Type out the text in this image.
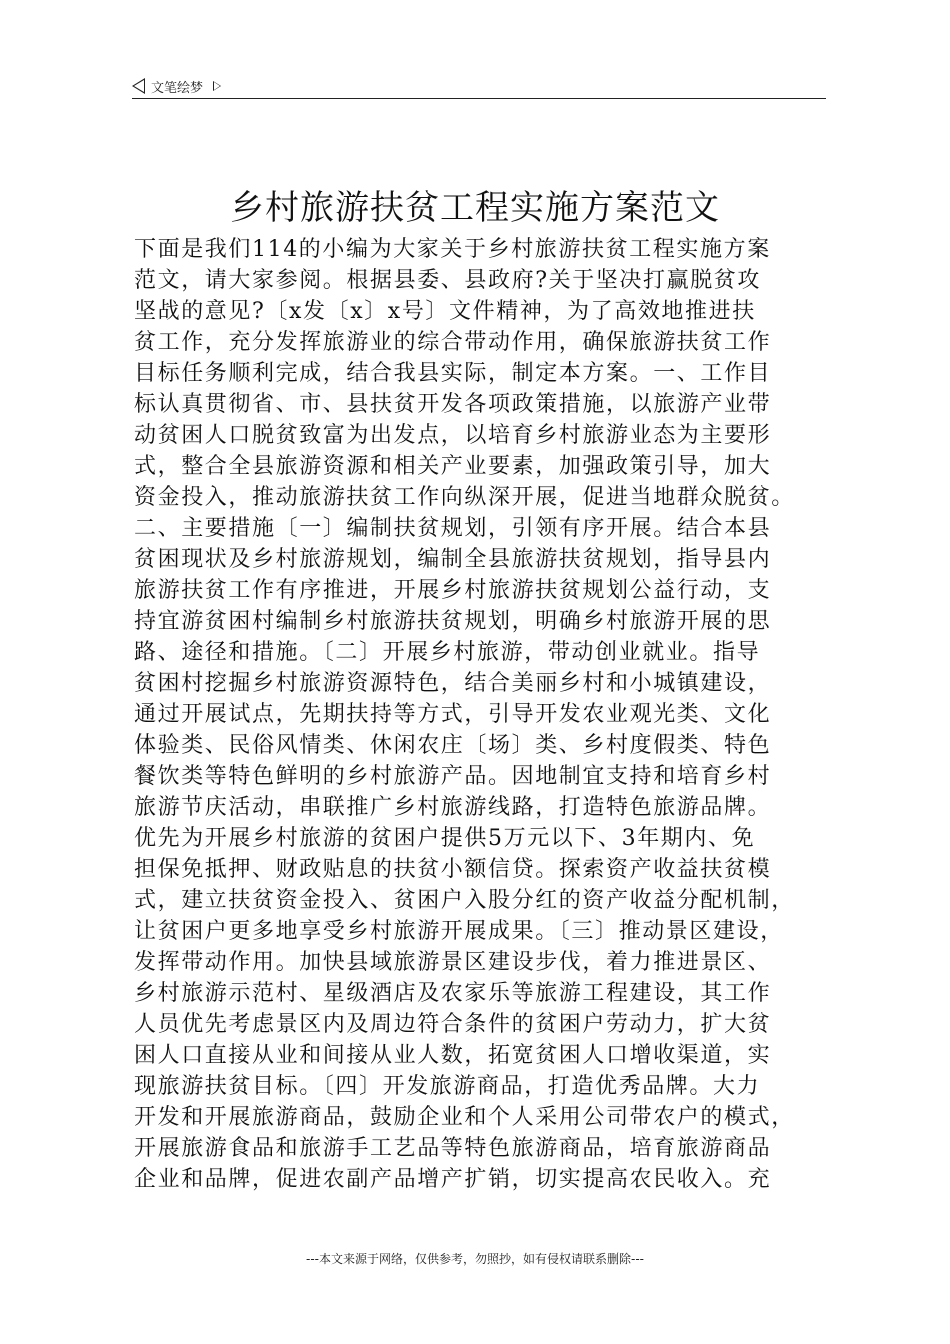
文笔绘梦
乡村旅游扶贫工程实施方案范文
下面是我们114的小编为大家关于乡村旅游扶贫工程实施方案
范文，请大家参阅。根据县委、县政府?关于坚决打赢脱贫攻
坚战的意见?〔x发〔x〕x号〕文件精神，为了高效地推进扶
贫工作，充分发挥旅游业的综合带动作用，确保旅游扶贫工作
目标任务顺利完成，结合我县实际，制定本方案。一、工作目
标认真贯彻省、市、县扶贫开发各项政策措施，以旅游产业带
动贫困人口脱贫致富为出发点，以培育乡村旅游业态为主要形
式，整合全县旅游资源和相关产业要素，加强政策引导，加大
资金投入，推动旅游扶贫工作向纵深开展，促进当地群众脱贫。
二、主要措施〔一〕编制扶贫规划，引领有序开展。结合本县
贫困现状及乡村旅游规划，编制全县旅游扶贫规划，指导县内
旅游扶贫工作有序推进，开展乡村旅游扶贫规划公益行动，支
持宜游贫困村编制乡村旅游扶贫规划，明确乡村旅游开展的思
路、途径和措施。〔二〕开展乡村旅游，带动创业就业。指导
贫困村挖掘乡村旅游资源特色，结合美丽乡村和小城镇建设，
通过开展试点，先期扶持等方式，引导开发农业观光类、文化
体验类、民俗风情类、休闲农庄〔场〕类、乡村度假类、特色
餐饮类等特色鲜明的乡村旅游产品。因地制宜支持和培育乡村
旅游节庆活动，串联推广乡村旅游线路，打造特色旅游品牌。
优先为开展乡村旅游的贫困户提供5万元以下、3年期内、免
担保免抵押、财政贴息的扶贫小额信贷。探索资产收益扶贫模
式，建立扶贫资金投入、贫困户入股分红的资产收益分配机制，
让贫困户更多地享受乡村旅游开展成果。〔三〕推动景区建设，
发挥带动作用。加快县域旅游景区建设步伐，着力推进景区、
乡村旅游示范村、星级酒店及农家乐等旅游工程建设，其工作
人员优先考虑景区内及周边符合条件的贫困户劳动力，扩大贫
困人口直接从业和间接从业人数，拓宽贫困人口增收渠道，实
现旅游扶贫目标。〔四〕开发旅游商品，打造优秀品牌。大力
开发和开展旅游商品，鼓励企业和个人采用公司带农户的模式，
开展旅游食品和旅游手工艺品等特色旅游商品，培育旅游商品
企业和品牌，促进农副产品增产扩销，切实提高农民收入。充
---本文来源于网络，仅供参考，勿照抄，如有侵权请联系删除---
